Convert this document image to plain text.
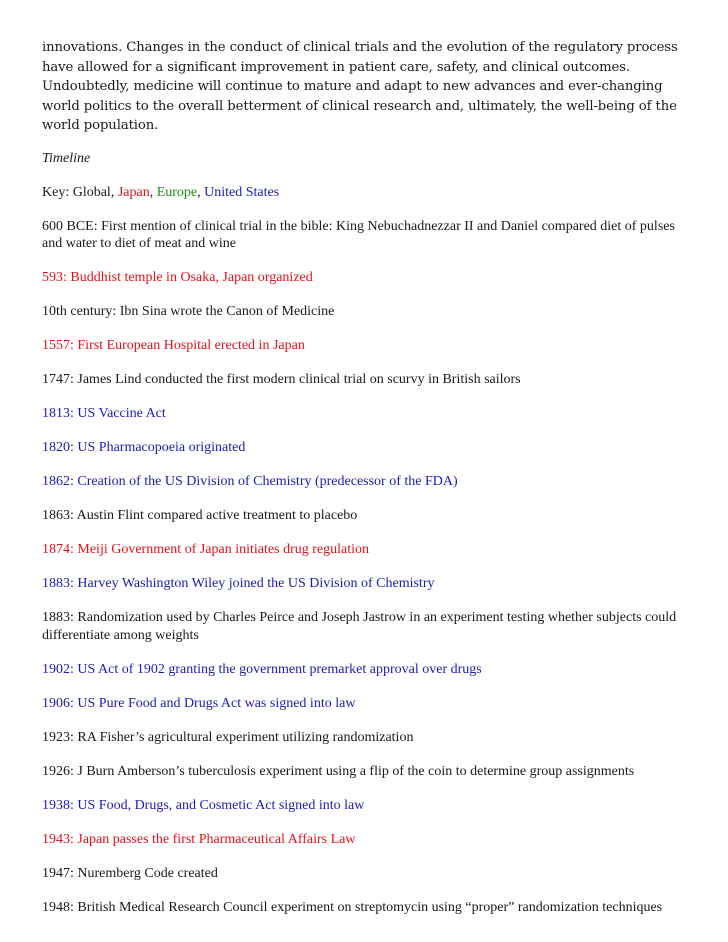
innovations. Changes in the conduct of clinical trials and the evolution of the regulatory process have allowed for a significant improvement in patient care, safety, and clinical outcomes. Undoubtedly, medicine will continue to mature and adapt to new advances and ever-changing world politics to the overall betterment of clinical research and, ultimately, the well-being of the world population.

Timeline

Key: Global, Japan, Europe, United States

600 BCE: First mention of clinical trial in the bible: King Nebuchadnezzar II and Daniel compared diet of pulses and water to diet of meat and wine

593: Buddhist temple in Osaka, Japan organized

10th century: Ibn Sina wrote the Canon of Medicine

1557: First European Hospital erected in Japan

1747: James Lind conducted the first modern clinical trial on scurvy in British sailors

1813: US Vaccine Act

1820: US Pharmacopoeia originated

1862: Creation of the US Division of Chemistry (predecessor of the FDA)

1863: Austin Flint compared active treatment to placebo

1874: Meiji Government of Japan initiates drug regulation

1883: Harvey Washington Wiley joined the US Division of Chemistry

1883: Randomization used by Charles Peirce and Joseph Jastrow in an experiment testing whether subjects could differentiate among weights

1902: US Act of 1902 granting the government premarket approval over drugs

1906: US Pure Food and Drugs Act was signed into law

1923: RA Fisher’s agricultural experiment utilizing randomization

1926: J Burn Amberson’s tuberculosis experiment using a flip of the coin to determine group assignments

1938: US Food, Drugs, and Cosmetic Act signed into law

1943: Japan passes the first Pharmaceutical Affairs Law

1947: Nuremberg Code created

1948: British Medical Research Council experiment on streptomycin using “proper” randomization techniques
